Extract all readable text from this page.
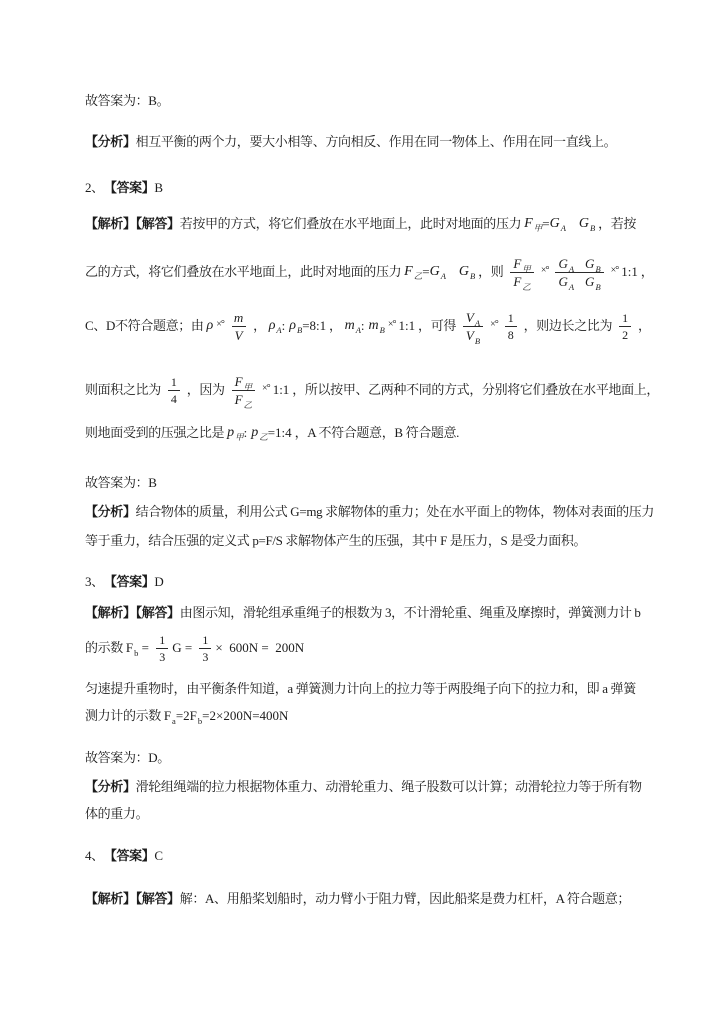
故答案为：B。
【分析】 相互平衡的两个力，要大小相等、方向相反、作用在同一物体上、作用在同一直线上。
2、 【答案】 B
【解析】【解答】 若按甲的方式，将它们叠放在水平地面上，此时对地面的压力 $F_甲 = G_A$ $G_B$ ，若按
乙的方式，将它们叠放在水平地面上，此时对地面的压力 $F_乙 = G_A$ $G_B$ ，则 $\frac{F_甲}{F_乙}$ ×° $\frac{G_A G_B}{G_A G_B}$ ×° 1:1 ，
C、D不符合题意；由 ρ ×° $\frac{m}{V}$ ， $\rho_A$ : $\rho_B$ =8:1 ， $m_A$ : $m_B$
×° 1:1 ，可得 $\frac{V_A}{V_B}$ ×° $\frac{1}{8}$ ，则边长之比为 $\frac{1}{2}$ ，
则面积之比为 $\frac{1}{4}$ ，因为 $\frac{F_甲}{F_乙}$ ×° 1:1 ，所以按甲、乙两种不同的方式，分别将它们叠放在水平地面上，
则地面受到的压强之比是 $p_甲$ : $p_乙$ =1:4 ，A 不符合题意，B 符合题意.
故答案为：B
【分析】 结合物体的质量，利用公式 G=mg 求解物体的重力；处在水平面上的物体，物体对表面的压力
等于重力，结合压强的定义式 p=F/S 求解物体产生的压强，其中 F 是压力，S 是受力面积。
3、 【答案】 D
【解析】【解答】 由图示知，滑轮组承重绳子的根数为 3，不计滑轮重、绳重及摩擦时，弹簧测力计 b
的示数 $F_b = \frac{1}{3}$ $G = \frac{1}{3} \times 600N = 200N$
匀速提升重物时，由平衡条件知道，a 弹簧测力计向上的拉力等于两股绳子向下的拉力和，即 a 弹簧
测力计的示数 $F_a =2$ $F_b =2\times 200N=400N$
故答案为：D。
【分析】 滑轮组绳端的拉力根据物体重力、动滑轮重力、绳子股数可以计算；动滑轮拉力等于所有物
体的重力。
4、 【答案】 C
【解析】【解答】 解：A、用船桨划船时，动力臂小于阻力臂，因此船桨是费力杠杆，A 符合题意；
